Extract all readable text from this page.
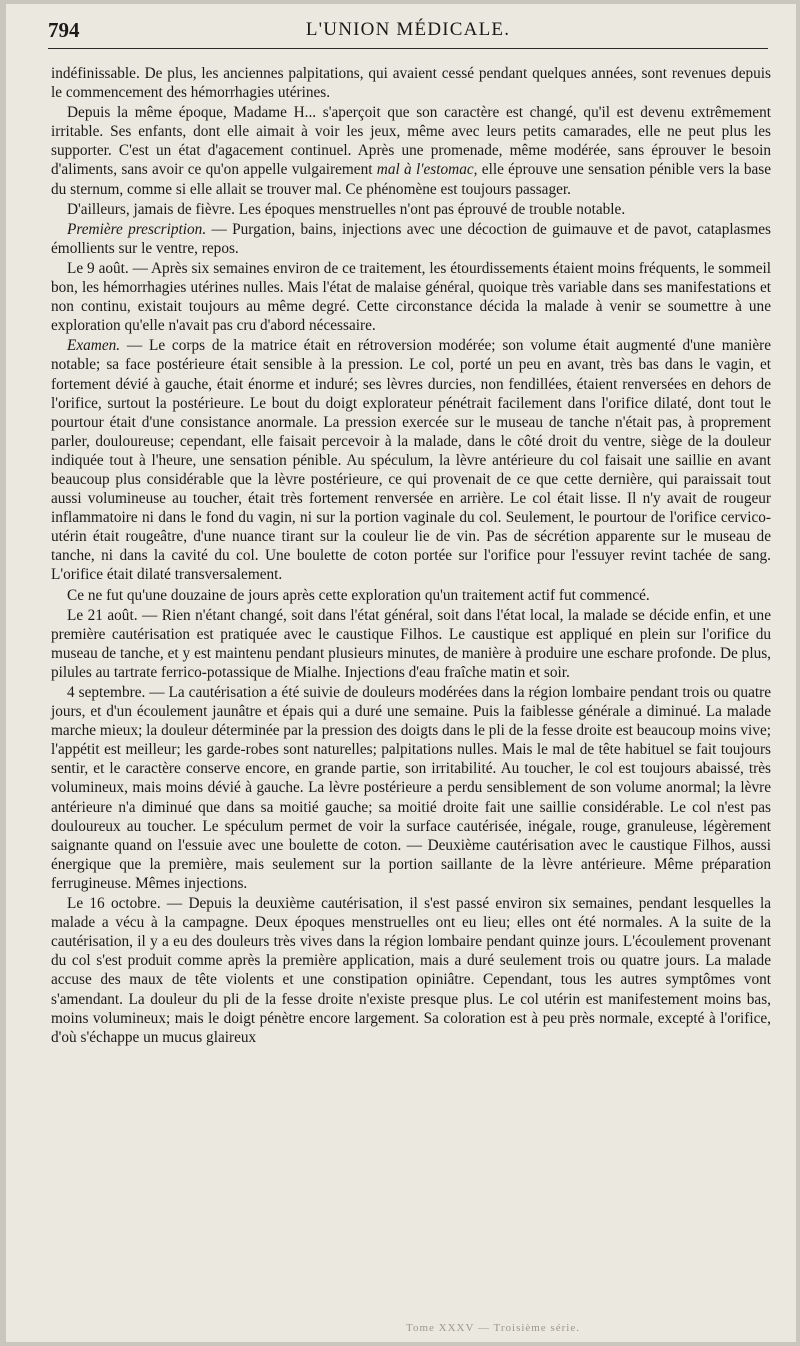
794	L'UNION MÉDICALE.

indéfinissable. De plus, les anciennes palpitations, qui avaient cessé pendant quelques années, sont revenues depuis le commencement des hémorrhagies utérines.

Depuis la même époque, Madame H... s'aperçoit que son caractère est changé, qu'il est devenu extrêmement irritable. Ses enfants, dont elle aimait à voir les jeux, même avec leurs petits camarades, elle ne peut plus les supporter. C'est un état d'agacement continuel. Après une promenade, même modérée, sans éprouver le besoin d'aliments, sans avoir ce qu'on appelle vulgairement mal à l'estomac, elle éprouve une sensation pénible vers la base du sternum, comme si elle allait se trouver mal. Ce phénomène est toujours passager.

D'ailleurs, jamais de fièvre. Les époques menstruelles n'ont pas éprouvé de trouble notable.

Première prescription. — Purgation, bains, injections avec une décoction de guimauve et de pavot, cataplasmes émollients sur le ventre, repos.

Le 9 août. — Après six semaines environ de ce traitement, les étourdissements étaient moins fréquents, le sommeil bon, les hémorrhagies utérines nulles. Mais l'état de malaise général, quoique très variable dans ses manifestations et non continu, existait toujours au même degré. Cette circonstance décida la malade à venir se soumettre à une exploration qu'elle n'avait pas cru d'abord nécessaire.

Examen. — Le corps de la matrice était en rétroversion modérée; son volume était augmenté d'une manière notable; sa face postérieure était sensible à la pression. Le col, porté un peu en avant, très bas dans le vagin, et fortement dévié à gauche, était énorme et induré; ses lèvres durcies, non fendillées, étaient renversées en dehors de l'orifice, surtout la postérieure. Le bout du doigt explorateur pénétrait facilement dans l'orifice dilaté, dont tout le pourtour était d'une consistance anormale. La pression exercée sur le museau de tanche n'était pas, à proprement parler, douloureuse; cependant, elle faisait percevoir à la malade, dans le côté droit du ventre, siège de la douleur indiquée tout à l'heure, une sensation pénible. Au spéculum, la lèvre antérieure du col faisait une saillie en avant beaucoup plus considérable que la lèvre postérieure, ce qui provenait de ce que cette dernière, qui paraissait tout aussi volumineuse au toucher, était très fortement renversée en arrière. Le col était lisse. Il n'y avait de rougeur inflammatoire ni dans le fond du vagin, ni sur la portion vaginale du col. Seulement, le pourtour de l'orifice cervico-utérin était rougeâtre, d'une nuance tirant sur la couleur lie de vin. Pas de sécrétion apparente sur le museau de tanche, ni dans la cavité du col. Une boulette de coton portée sur l'orifice pour l'essuyer revint tachée de sang. L'orifice était dilaté transversalement.

Ce ne fut qu'une douzaine de jours après cette exploration qu'un traitement actif fut commencé.

Le 21 août. — Rien n'étant changé, soit dans l'état général, soit dans l'état local, la malade se décide enfin, et une première cautérisation est pratiquée avec le caustique Filhos. Le caustique est appliqué en plein sur l'orifice du museau de tanche, et y est maintenu pendant plusieurs minutes, de manière à produire une eschare profonde. De plus, pilules au tartrate ferrico-potassique de Mialhe. Injections d'eau fraîche matin et soir.

4 septembre. — La cautérisation a été suivie de douleurs modérées dans la région lombaire pendant trois ou quatre jours, et d'un écoulement jaunâtre et épais qui a duré une semaine. Puis la faiblesse générale a diminué. La malade marche mieux; la douleur déterminée par la pression des doigts dans le pli de la fesse droite est beaucoup moins vive; l'appétit est meilleur; les garde-robes sont naturelles; palpitations nulles. Mais le mal de tête habituel se fait toujours sentir, et le caractère conserve encore, en grande partie, son irritabilité. Au toucher, le col est toujours abaissé, très volumineux, mais moins dévié à gauche. La lèvre postérieure a perdu sensiblement de son volume anormal; la lèvre antérieure n'a diminué que dans sa moitié gauche; sa moitié droite fait une saillie considérable. Le col n'est pas douloureux au toucher. Le spéculum permet de voir la surface cautérisée, inégale, rouge, granuleuse, légèrement saignante quand on l'essuie avec une boulette de coton. — Deuxième cautérisation avec le caustique Filhos, aussi énergique que la première, mais seulement sur la portion saillante de la lèvre antérieure. Même préparation ferrugineuse. Mêmes injections.

Le 16 octobre. — Depuis la deuxième cautérisation, il s'est passé environ six semaines, pendant lesquelles la malade a vécu à la campagne. Deux époques menstruelles ont eu lieu; elles ont été normales. A la suite de la cautérisation, il y a eu des douleurs très vives dans la région lombaire pendant quinze jours. L'écoulement provenant du col s'est produit comme après la première application, mais a duré seulement trois ou quatre jours. La malade accuse des maux de tête violents et une constipation opiniâtre. Cependant, tous les autres symptômes vont s'amendant. La douleur du pli de la fesse droite n'existe presque plus. Le col utérin est manifestement moins bas, moins volumineux; mais le doigt pénètre encore largement. Sa coloration est à peu près normale, excepté à l'orifice, d'où s'échappe un mucus glaireux

Tome XXXV — Troisième série.
